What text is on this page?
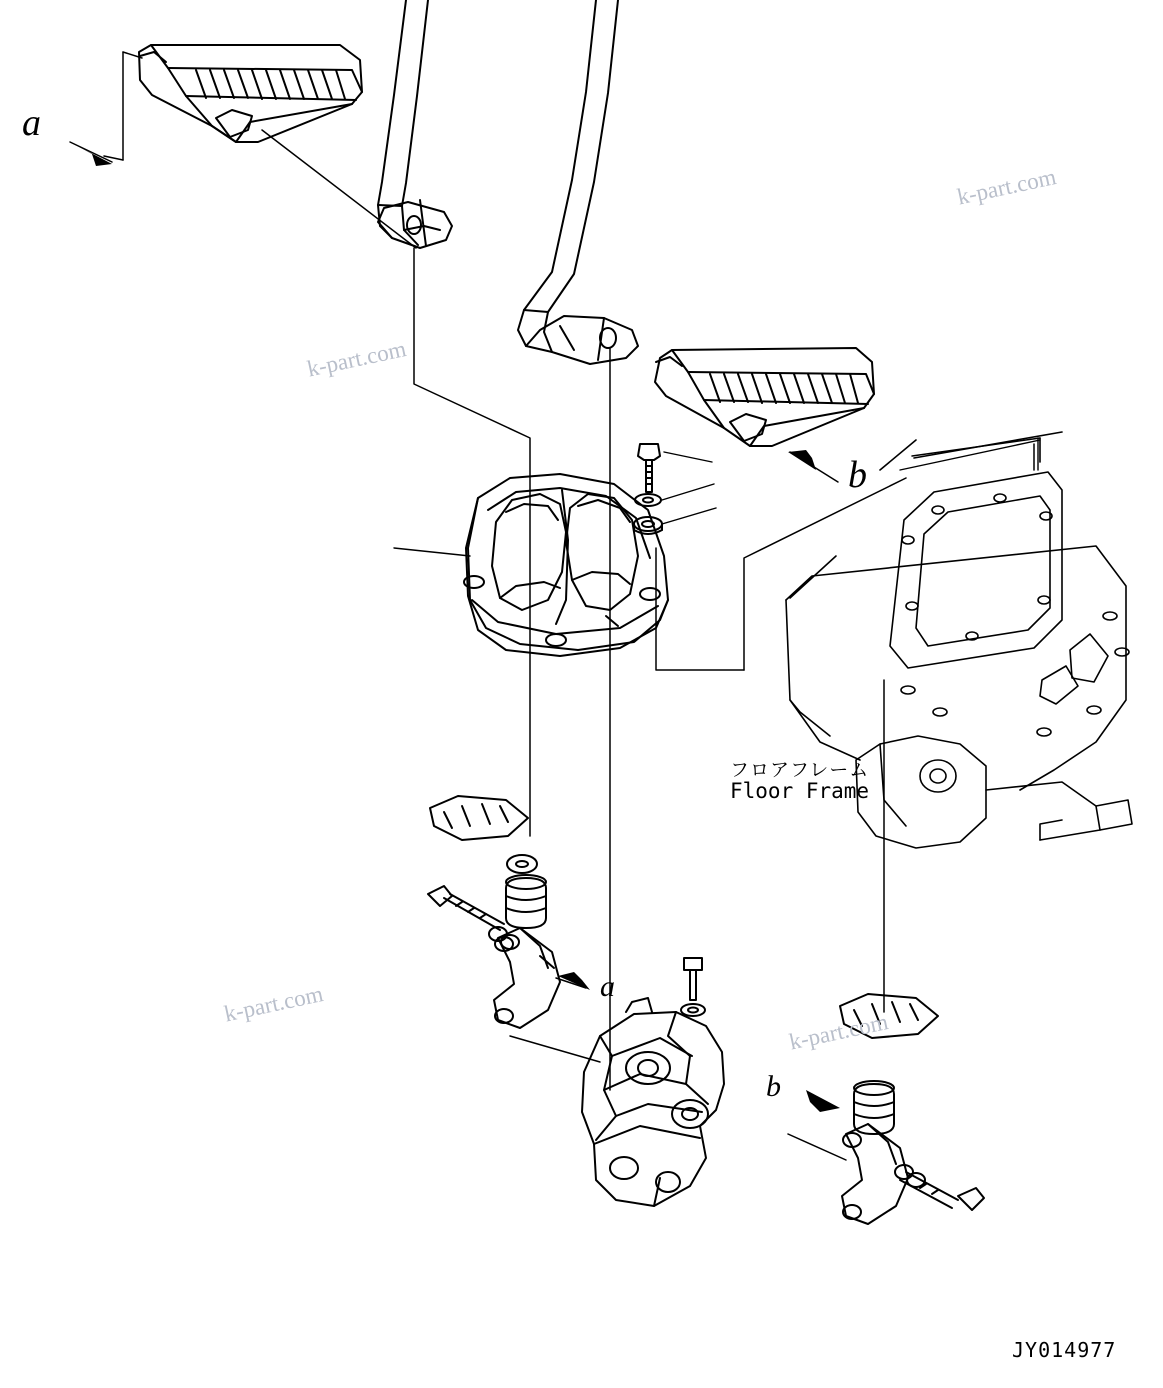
a
b
a
b
フロアフレーム
Floor Frame
JY014977
k-part.com
k-part.com
k-part.com
k-part.com
